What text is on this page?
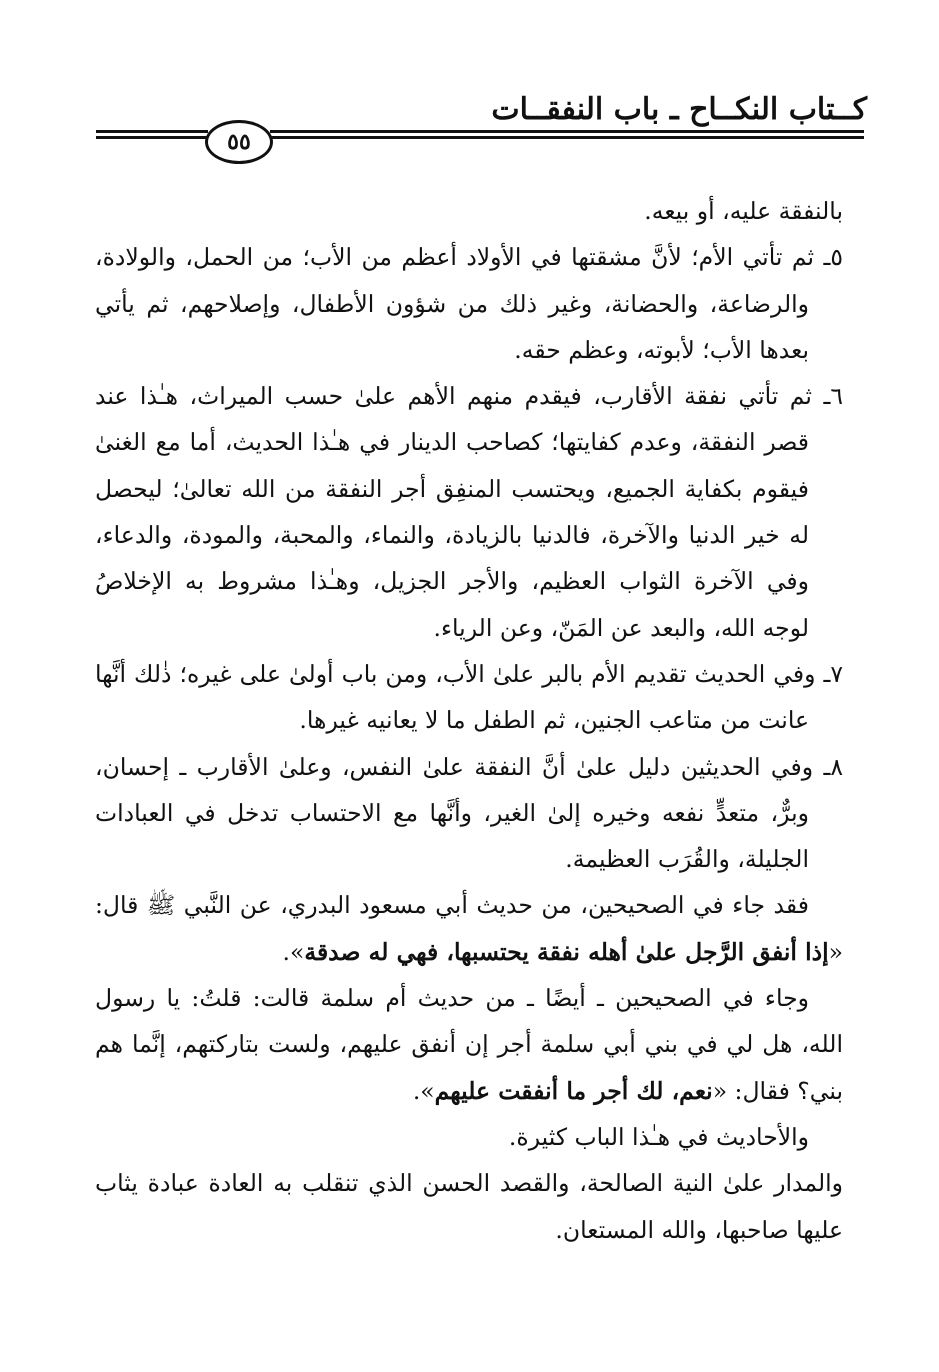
كــتاب النكــاح ـ باب النفقــات
٥٥

بالنفقة عليه، أو بيعه.

٥ـ ثم تأتي الأم؛ لأنَّ مشقتها في الأولاد أعظم من الأب؛ من الحمل، والولادة، والرضاعة، والحضانة، وغير ذلك من شؤون الأطفال، وإصلاحهم، ثم يأتي بعدها الأب؛ لأبوته، وعظم حقه.

٦ـ ثم تأتي نفقة الأقارب، فيقدم منهم الأهم علىٰ حسب الميراث، هـٰذا عند قصر النفقة، وعدم كفايتها؛ كصاحب الدينار في هـٰذا الحديث، أما مع الغنىٰ فيقوم بكفاية الجميع، ويحتسب المنفِق أجر النفقة من الله تعالىٰ؛ ليحصل له خير الدنيا والآخرة، فالدنيا بالزيادة، والنماء، والمحبة، والمودة، والدعاء، وفي الآخرة الثواب العظيم، والأجر الجزيل، وهـٰذا مشروط به الإخلاصُ لوجه الله، والبعد عن المَنّ، وعن الرياء.

٧ـ وفي الحديث تقديم الأم بالبر علىٰ الأب، ومن باب أولىٰ على غيره؛ ذٰلك أنَّها عانت من متاعب الجنين، ثم الطفل ما لا يعانيه غيرها.

٨ـ وفي الحديثين دليل علىٰ أنَّ النفقة علىٰ النفس، وعلىٰ الأقارب ـ إحسان، وبرٌّ، متعدٍّ نفعه وخيره إلىٰ الغير، وأنَّها مع الاحتساب تدخل في العبادات الجليلة، والقُرَب العظيمة.

فقد جاء في الصحيحين، من حديث أبي مسعود البدري، عن النَّبي ﷺ قال: «إذا أنفق الرَّجل علىٰ أهله نفقة يحتسبها، فهي له صدقة».

وجاء في الصحيحين ـ أيضًا ـ من حديث أم سلمة قالت: قلتُ: يا رسول الله، هل لي في بني أبي سلمة أجر إن أنفق عليهم، ولست بتاركتهم، إنَّما هم بني؟ فقال: «نعم، لك أجر ما أنفقت عليهم».

والأحاديث في هـٰذا الباب كثيرة.

والمدار علىٰ النية الصالحة، والقصد الحسن الذي تنقلب به العادة عبادة يثاب عليها صاحبها، والله المستعان.
